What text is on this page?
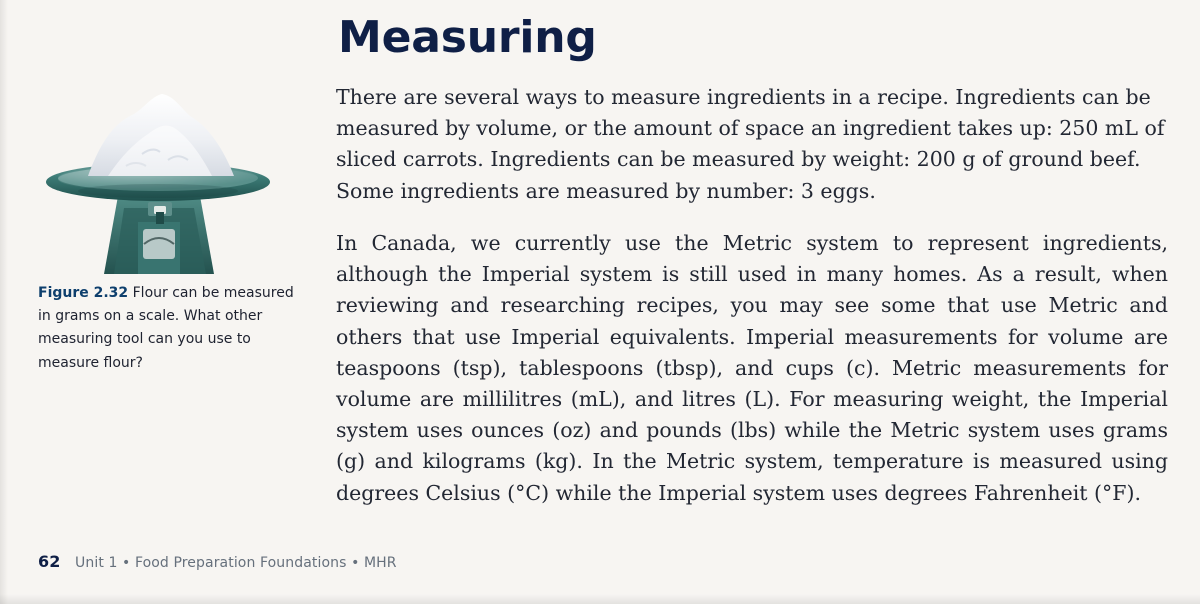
Measuring

Figure 2.32 Flour can be measured in grams on a scale. What other measuring tool can you use to measure flour?

There are several ways to measure ingredients in a recipe. Ingredients can be measured by volume, or the amount of space an ingredient takes up: 250 mL of sliced carrots. Ingredients can be measured by weight: 200 g of ground beef. Some ingredients are measured by number: 3 eggs.

In Canada, we currently use the Metric system to represent ingredients, although the Imperial system is still used in many homes. As a result, when reviewing and researching recipes, you may see some that use Metric and others that use Imperial equivalents. Imperial measurements for volume are teaspoons (tsp), tablespoons (tbsp), and cups (c). Metric measurements for volume are millilitres (mL), and litres (L). For measuring weight, the Imperial system uses ounces (oz) and pounds (lbs) while the Metric system uses grams (g) and kilograms (kg). In the Metric system, temperature is measured using degrees Celsius (°C) while the Imperial system uses degrees Fahrenheit (°F).

62 Unit 1 • Food Preparation Foundations • MHR
